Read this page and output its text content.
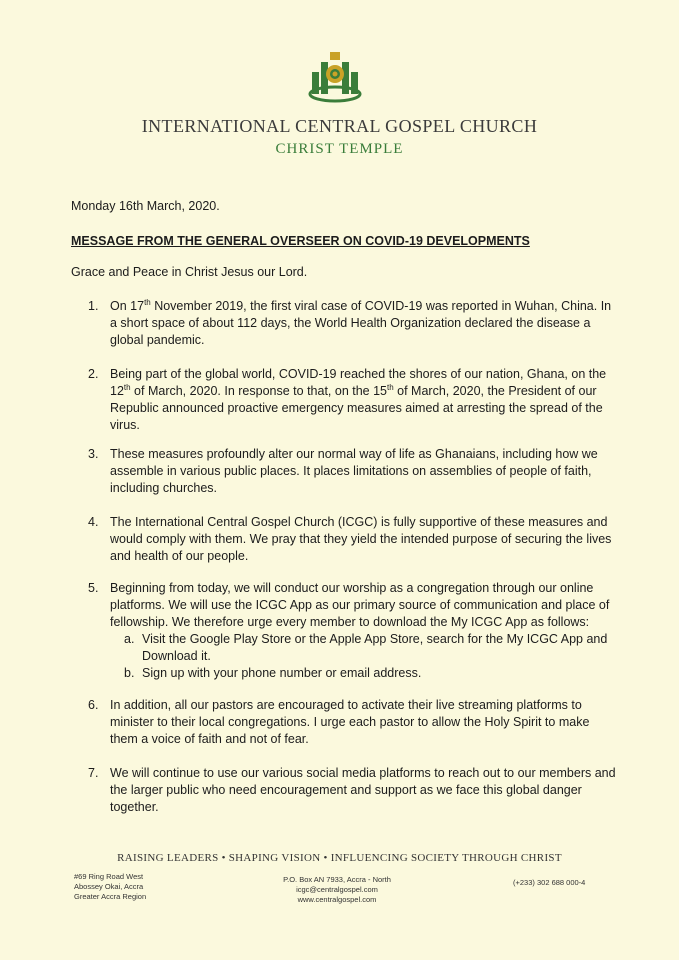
INTERNATIONAL CENTRAL GOSPEL CHURCH
CHRIST TEMPLE
Monday 16th March, 2020.
MESSAGE FROM THE GENERAL OVERSEER ON COVID-19 DEVELOPMENTS
Grace and Peace in Christ Jesus our Lord.
1. On 17th November 2019, the first viral case of COVID-19 was reported in Wuhan, China. In a short space of about 112 days, the World Health Organization declared the disease a global pandemic.
2. Being part of the global world, COVID-19 reached the shores of our nation, Ghana, on the 12th of March, 2020. In response to that, on the 15th of March, 2020, the President of our Republic announced proactive emergency measures aimed at arresting the spread of the virus.
3. These measures profoundly alter our normal way of life as Ghanaians, including how we assemble in various public places. It places limitations on assemblies of people of faith, including churches.
4. The International Central Gospel Church (ICGC) is fully supportive of these measures and would comply with them. We pray that they yield the intended purpose of securing the lives and health of our people.
5. Beginning from today, we will conduct our worship as a congregation through our online platforms. We will use the ICGC App as our primary source of communication and place of fellowship. We therefore urge every member to download the My ICGC App as follows:
a. Visit the Google Play Store or the Apple App Store, search for the My ICGC App and Download it.
b. Sign up with your phone number or email address.
6. In addition, all our pastors are encouraged to activate their live streaming platforms to minister to their local congregations. I urge each pastor to allow the Holy Spirit to make them a voice of faith and not of fear.
7. We will continue to use our various social media platforms to reach out to our members and the larger public who need encouragement and support as we face this global danger together.
RAISING LEADERS • SHAPING VISION • INFLUENCING SOCIETY THROUGH CHRIST
#69 Ring Road West
Abossey Okai, Accra
Greater Accra Region
P.O. Box AN 7933, Accra - North
icgc@centralgospel.com
www.centralgospel.com
(+233) 302 688 000-4
